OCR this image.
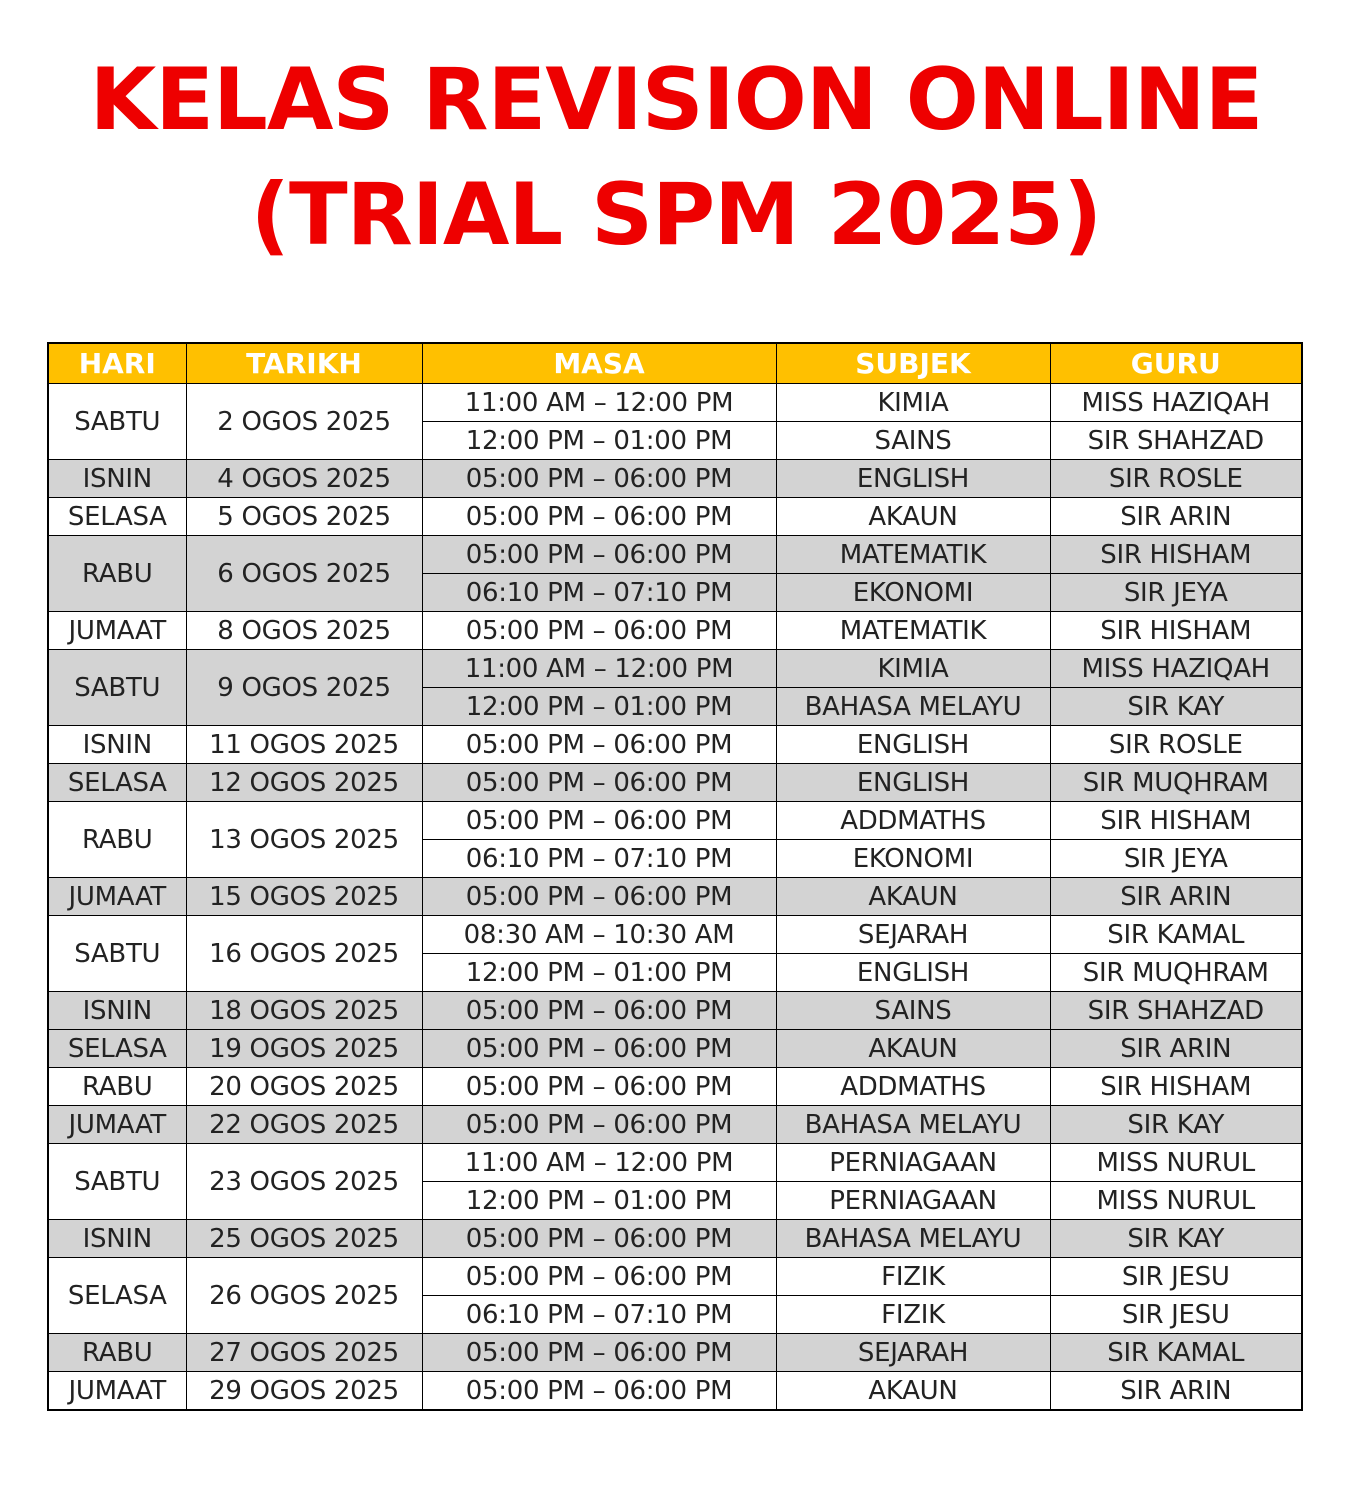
KELAS REVISION ONLINE
(TRIAL SPM 2025)
HARI	TARIKH	MASA	SUBJEK	GURU
SABTU	2 OGOS 2025	11:00 AM – 12:00 PM	KIMIA	MISS HAZIQAH
		12:00 PM – 01:00 PM	SAINS	SIR SHAHZAD
ISNIN	4 OGOS 2025	05:00 PM – 06:00 PM	ENGLISH	SIR ROSLE
SELASA	5 OGOS 2025	05:00 PM – 06:00 PM	AKAUN	SIR ARIN
RABU	6 OGOS 2025	05:00 PM – 06:00 PM	MATEMATIK	SIR HISHAM
		06:10 PM – 07:10 PM	EKONOMI	SIR JEYA
JUMAAT	8 OGOS 2025	05:00 PM – 06:00 PM	MATEMATIK	SIR HISHAM
SABTU	9 OGOS 2025	11:00 AM – 12:00 PM	KIMIA	MISS HAZIQAH
		12:00 PM – 01:00 PM	BAHASA MELAYU	SIR KAY
ISNIN	11 OGOS 2025	05:00 PM – 06:00 PM	ENGLISH	SIR ROSLE
SELASA	12 OGOS 2025	05:00 PM – 06:00 PM	ENGLISH	SIR MUQHRAM
RABU	13 OGOS 2025	05:00 PM – 06:00 PM	ADDMATHS	SIR HISHAM
		06:10 PM – 07:10 PM	EKONOMI	SIR JEYA
JUMAAT	15 OGOS 2025	05:00 PM – 06:00 PM	AKAUN	SIR ARIN
SABTU	16 OGOS 2025	08:30 AM – 10:30 AM	SEJARAH	SIR KAMAL
		12:00 PM – 01:00 PM	ENGLISH	SIR MUQHRAM
ISNIN	18 OGOS 2025	05:00 PM – 06:00 PM	SAINS	SIR SHAHZAD
SELASA	19 OGOS 2025	05:00 PM – 06:00 PM	AKAUN	SIR ARIN
RABU	20 OGOS 2025	05:00 PM – 06:00 PM	ADDMATHS	SIR HISHAM
JUMAAT	22 OGOS 2025	05:00 PM – 06:00 PM	BAHASA MELAYU	SIR KAY
SABTU	23 OGOS 2025	11:00 AM – 12:00 PM	PERNIAGAAN	MISS NURUL
		12:00 PM – 01:00 PM	PERNIAGAAN	MISS NURUL
ISNIN	25 OGOS 2025	05:00 PM – 06:00 PM	BAHASA MELAYU	SIR KAY
SELASA	26 OGOS 2025	05:00 PM – 06:00 PM	FIZIK	SIR JESU
		06:10 PM – 07:10 PM	FIZIK	SIR JESU
RABU	27 OGOS 2025	05:00 PM – 06:00 PM	SEJARAH	SIR KAMAL
JUMAAT	29 OGOS 2025	05:00 PM – 06:00 PM	AKAUN	SIR ARIN
